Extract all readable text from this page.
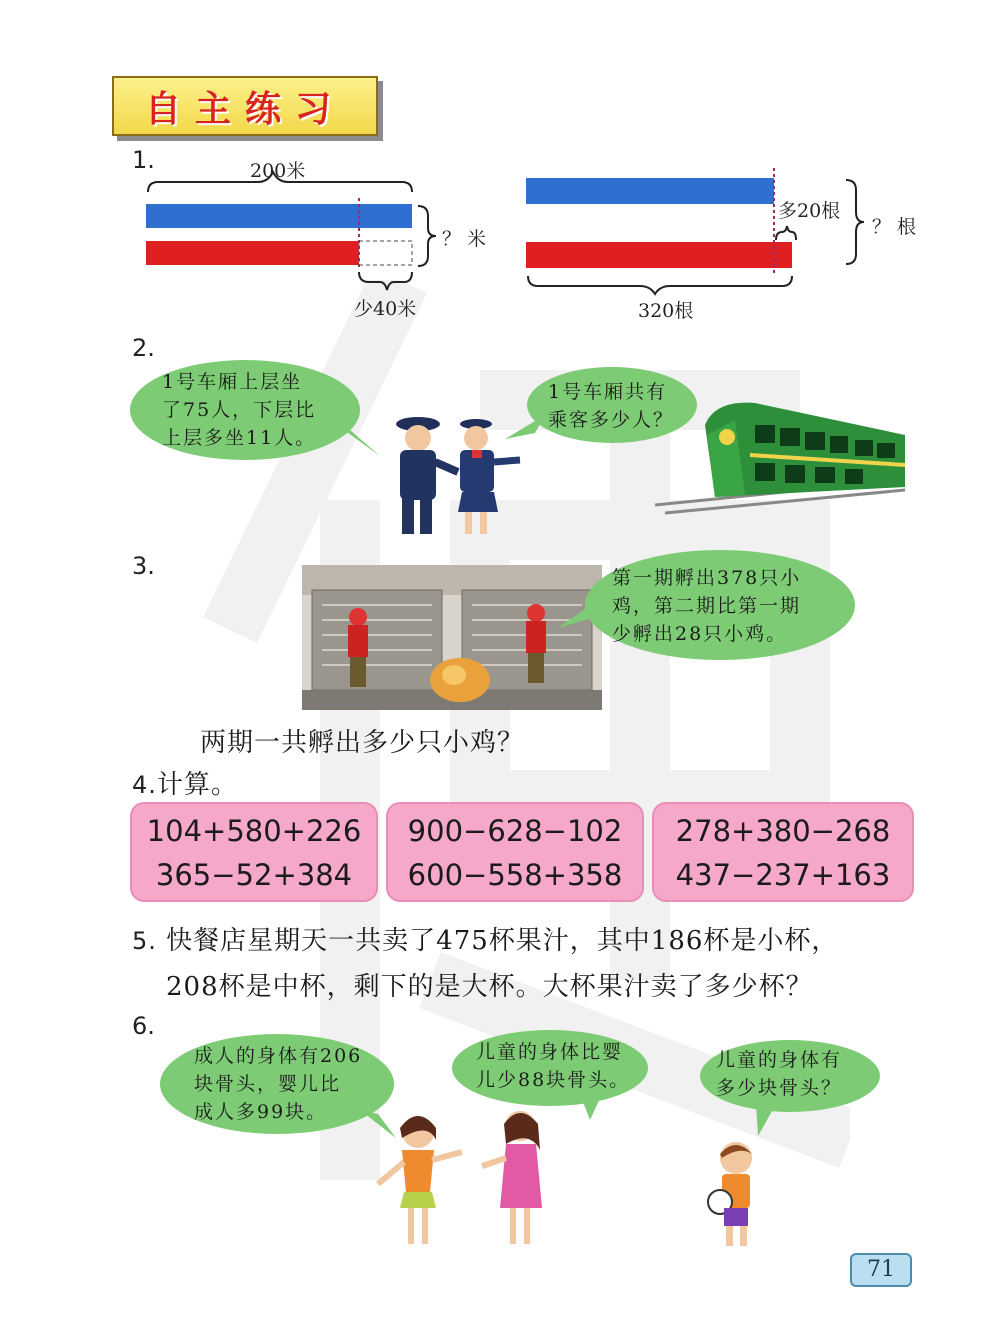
自主练习
1.	200米
？ 米
少40米
多20根
？ 根
320根
2.
1号车厢上层坐
了75人，下层比
上层多坐11人。
1号车厢共有
乘客多少人？
3.	第一期孵出378只小
鸡，第二期比第一期
少孵出28只小鸡。
两期一共孵出多少只小鸡？
4.计算。
104+580+226
365−52+384
900−628−102
600−558+358
278+380−268
437−237+163
5. 快餐店星期天一共卖了475杯果汁，其中186杯是小杯，
208杯是中杯，剩下的是大杯。大杯果汁卖了多少杯？
6.
成人的身体有206
块骨头，婴儿比
成人多99块。
儿童的身体比婴
儿少88块骨头。
儿童的身体有
多少块骨头？
71
